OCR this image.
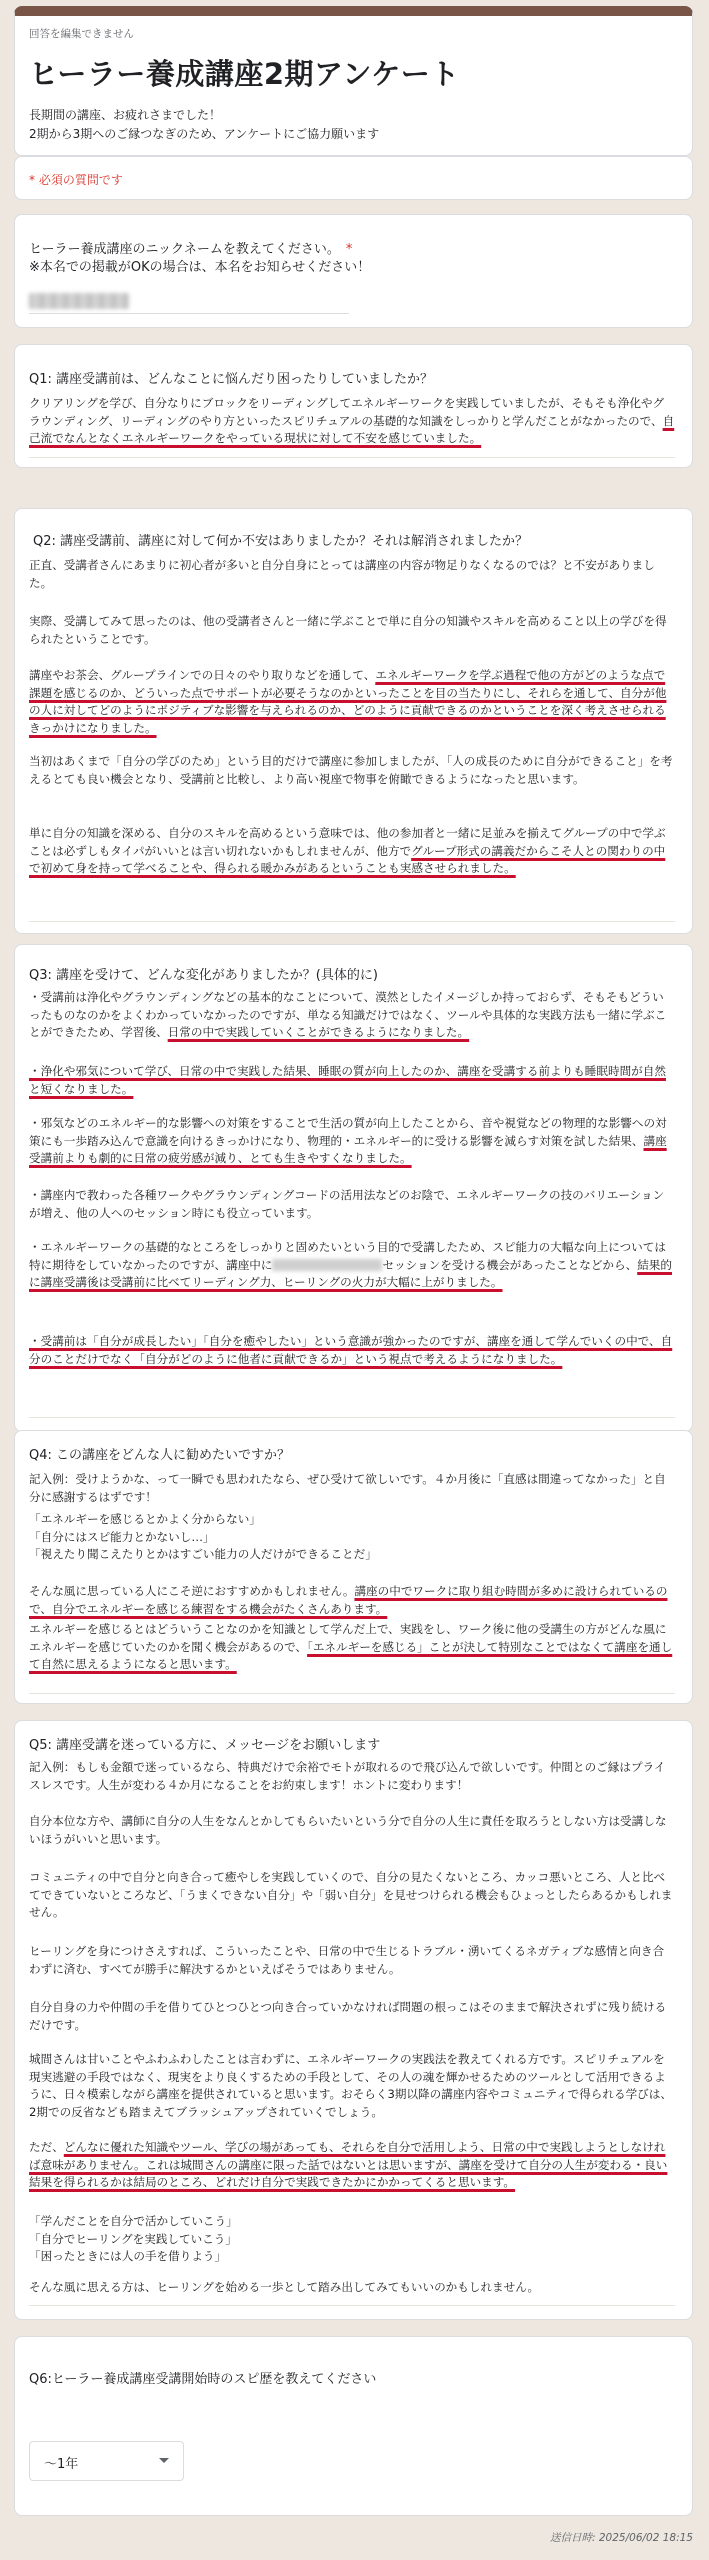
回答を編集できません
ヒーラー養成講座2期アンケート
長期間の講座、お疲れさまでした！
2期から3期へのご縁つなぎのため、アンケートにご協力願います
* 必須の質問です
ヒーラー養成講座のニックネームを教えてください。 *
※本名での掲載がOKの場合は、本名をお知らせください！
Q1: 講座受講前は、どんなことに悩んだり困ったりしていましたか？
クリアリングを学び、自分なりにブロックをリーディングしてエネルギーワークを実践していましたが、そもそも浄化やグラウンディング、リーディングのやり方といったスピリチュアルの基礎的な知識をしっかりと学んだことがなかったので、自己流でなんとなくエネルギーワークをやっている現状に対して不安を感じていました。
Q2: 講座受講前、講座に対して何か不安はありましたか？それは解消されましたか？
正直、受講者さんにあまりに初心者が多いと自分自身にとっては講座の内容が物足りなくなるのでは？と不安がありました。
実際、受講してみて思ったのは、他の受講者さんと一緒に学ぶことで単に自分の知識やスキルを高めること以上の学びを得られたということです。
講座やお茶会、グループラインでの日々のやり取りなどを通して、エネルギーワークを学ぶ過程で他の方がどのような点で課題を感じるのか、どういった点でサポートが必要そうなのかといったことを目の当たりにし、それらを通して、自分が他の人に対してどのようにポジティブな影響を与えられるのか、どのように貢献できるのかということを深く考えさせられるきっかけになりました。
当初はあくまで「自分の学びのため」という目的だけで講座に参加しましたが、「人の成長のために自分ができること」を考えるとても良い機会となり、受講前と比較し、より高い視座で物事を俯瞰できるようになったと思います。
単に自分の知識を深める、自分のスキルを高めるという意味では、他の参加者と一緒に足並みを揃えてグループの中で学ぶことは必ずしもタイパがいいとは言い切れないかもしれませんが、他方でグループ形式の講義だからこそ人との関わりの中で初めて身を持って学べることや、得られる暖かみがあるということも実感させられました。
Q3: 講座を受けて、どんな変化がありましたか？(具体的に)
・受講前は浄化やグラウンディングなどの基本的なことについて、漠然としたイメージしか持っておらず、そもそもどういったものなのかをよくわかっていなかったのですが、単なる知識だけではなく、ツールや具体的な実践方法も一緒に学ぶことができたため、学習後、日常の中で実践していくことができるようになりました。
・浄化や邪気について学び、日常の中で実践した結果、睡眠の質が向上したのか、講座を受講する前よりも睡眠時間が自然と短くなりました。
・邪気などのエネルギー的な影響への対策をすることで生活の質が向上したことから、音や視覚などの物理的な影響への対策にも一歩踏み込んで意識を向けるきっかけになり、物理的・エネルギー的に受ける影響を減らす対策を試した結果、講座受講前よりも劇的に日常の疲労感が減り、とても生きやすくなりました。
・講座内で教わった各種ワークやグラウンディングコードの活用法などのお陰で、エネルギーワークの技のバリエーションが増え、他の人へのセッション時にも役立っています。
・エネルギーワークの基礎的なところをしっかりと固めたいという目的で受講したため、スピ能力の大幅な向上については特に期待をしていなかったのですが、講座中に	セッションを受ける機会があったことなどから、結果的に講座受講後は受講前に比べてリーディング力、ヒーリングの火力が大幅に上がりました。
・受講前は「自分が成長したい」「自分を癒やしたい」という意識が強かったのですが、講座を通して学んでいくの中で、自分のことだけでなく「自分がどのように他者に貢献できるか」という視点で考えるようになりました。
Q4: この講座をどんな人に勧めたいですか？
記入例：受けようかな、って一瞬でも思われたなら、ぜひ受けて欲しいです。４か月後に「直感は間違ってなかった」と自分に感謝するはずです！
「エネルギーを感じるとかよく分からない」
「自分にはスピ能力とかないし…」
「視えたり聞こえたりとかはすごい能力の人だけができることだ」
そんな風に思っている人にこそ逆におすすめかもしれません。講座の中でワークに取り組む時間が多めに設けられているので、自分でエネルギーを感じる練習をする機会がたくさんあります。
エネルギーを感じるとはどういうことなのかを知識として学んだ上で、実践をし、ワーク後に他の受講生の方がどんな風にエネルギーを感じていたのかを聞く機会があるので、「エネルギーを感じる」ことが決して特別なことではなくて講座を通して自然に思えるようになると思います。
Q5: 講座受講を迷っている方に、メッセージをお願いします
記入例：もしも金額で迷っているなら、特典だけで余裕でモトが取れるので飛び込んで欲しいです。仲間とのご縁はプライスレスです。人生が変わる４か月になることをお約束します！ホントに変わります！
自分本位な方や、講師に自分の人生をなんとかしてもらいたいという分で自分の人生に責任を取ろうとしない方は受講しないほうがいいと思います。
コミュニティの中で自分と向き合って癒やしを実践していくので、自分の見たくないところ、カッコ悪いところ、人と比べてできていないところなど、「うまくできない自分」や「弱い自分」を見せつけられる機会もひょっとしたらあるかもしれません。
ヒーリングを身につけさえすれば、こういったことや、日常の中で生じるトラブル・湧いてくるネガティブな感情と向き合わずに済む、すべてが勝手に解決するかといえばそうではありません。
自分自身の力や仲間の手を借りてひとつひとつ向き合っていかなければ問題の根っこはそのままで解決されずに残り続けるだけです。
城間さんは甘いことやふわふわしたことは言わずに、エネルギーワークの実践法を教えてくれる方です。スピリチュアルを現実逃避の手段ではなく、現実をより良くするための手段として、その人の魂を輝かせるためのツールとして活用できるように、日々模索しながら講座を提供されていると思います。おそらく3期以降の講座内容やコミュニティで得られる学びは、2期での反省なども踏まえてブラッシュアップされていくでしょう。
ただ、どんなに優れた知識やツール、学びの場があっても、それらを自分で活用しよう、日常の中で実践しようとしなければ意味がありません。これは城間さんの講座に限った話ではないとは思いますが、講座を受けて自分の人生が変わる・良い結果を得られるかは結局のところ、どれだけ自分で実践できたかにかかってくると思います。
「学んだことを自分で活かしていこう」
「自分でヒーリングを実践していこう」
「困ったときには人の手を借りよう」
そんな風に思える方は、ヒーリングを始める一歩として踏み出してみてもいいのかもしれません。
Q6:ヒーラー養成講座受講開始時のスピ歴を教えてください
〜1年
送信日時: 2025/06/02 18:15
